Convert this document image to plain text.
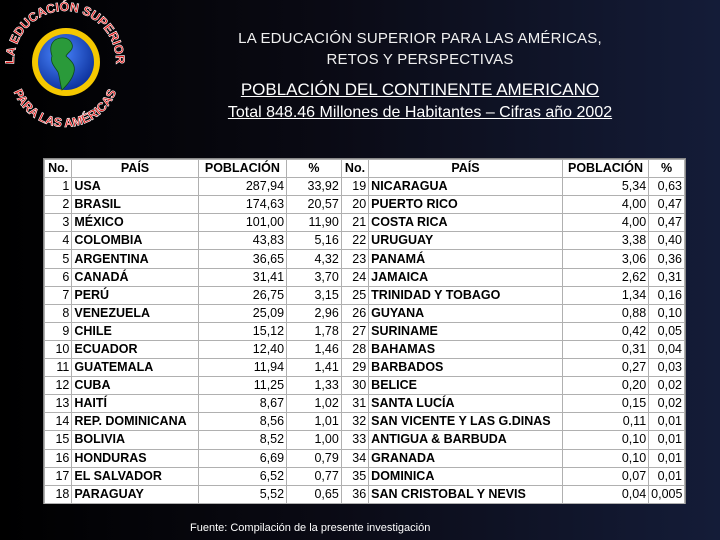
LA EDUCACIÓN SUPERIOR
PARA LAS AMÉRICAS
LA EDUCACIÓN SUPERIOR PARA LAS AMÉRICAS,
RETOS Y PERSPECTIVAS
POBLACIÓN DEL CONTINENTE AMERICANO
Total 848.46 Millones de Habitantes – Cifras año 2002
No.	PAÍS	POBLACIÓN	%	No.	PAÍS	POBLACIÓN	%
1	USA	287,94	33,92	19	NICARAGUA	5,34	0,63
2	BRASIL	174,63	20,57	20	PUERTO RICO	4,00	0,47
3	MÉXICO	101,00	11,90	21	COSTA RICA	4,00	0,47
4	COLOMBIA	43,83	5,16	22	URUGUAY	3,38	0,40
5	ARGENTINA	36,65	4,32	23	PANAMÁ	3,06	0,36
6	CANADÁ	31,41	3,70	24	JAMAICA	2,62	0,31
7	PERÚ	26,75	3,15	25	TRINIDAD Y TOBAGO	1,34	0,16
8	VENEZUELA	25,09	2,96	26	GUYANA	0,88	0,10
9	CHILE	15,12	1,78	27	SURINAME	0,42	0,05
10	ECUADOR	12,40	1,46	28	BAHAMAS	0,31	0,04
11	GUATEMALA	11,94	1,41	29	BARBADOS	0,27	0,03
12	CUBA	11,25	1,33	30	BELICE	0,20	0,02
13	HAITÍ	8,67	1,02	31	SANTA LUCÍA	0,15	0,02
14	REP. DOMINICANA	8,56	1,01	32	SAN VICENTE Y LAS G.DINAS	0,11	0,01
15	BOLIVIA	8,52	1,00	33	ANTIGUA & BARBUDA	0,10	0,01
16	HONDURAS	6,69	0,79	34	GRANADA	0,10	0,01
17	EL SALVADOR	6,52	0,77	35	DOMINICA	0,07	0,01
18	PARAGUAY	5,52	0,65	36	SAN CRISTOBAL Y NEVIS	0,04	0,005
Fuente: Compilación de la presente investigación
